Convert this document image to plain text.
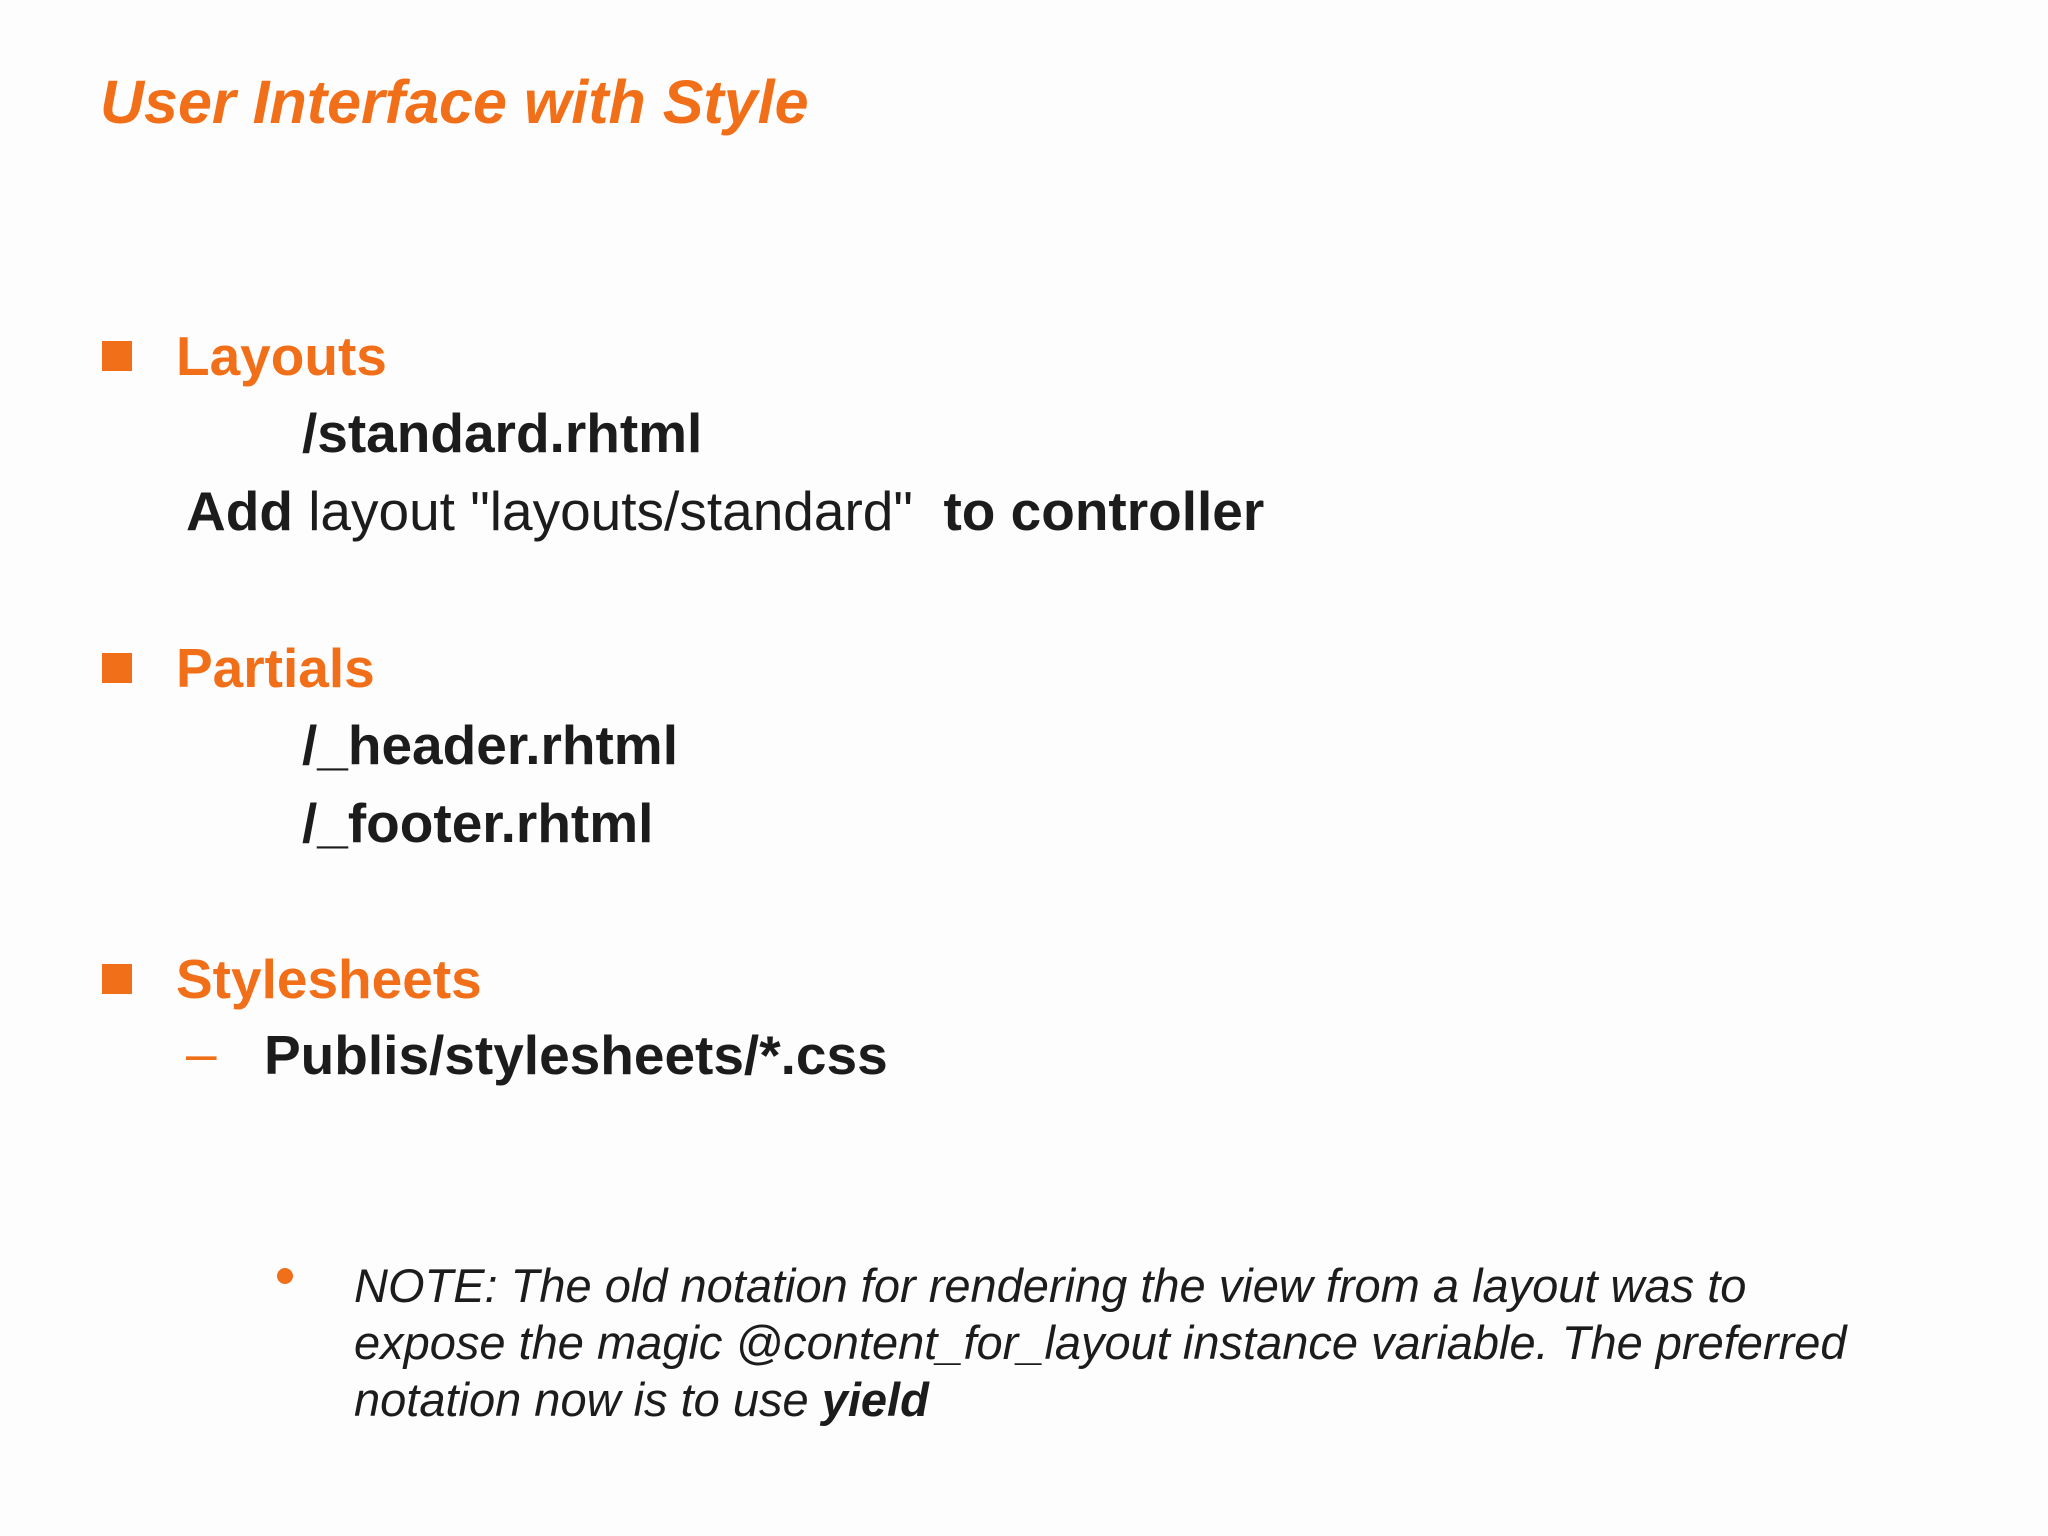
User Interface with Style
Layouts
/standard.rhtml
Add layout "layouts/standard"  to controller
Partials
/_header.rhtml
/_footer.rhtml
Stylesheets
– Publis/stylesheets/*.css
NOTE: The old notation for rendering the view from a layout was to expose the magic @content_for_layout instance variable. The preferred notation now is to use yield
